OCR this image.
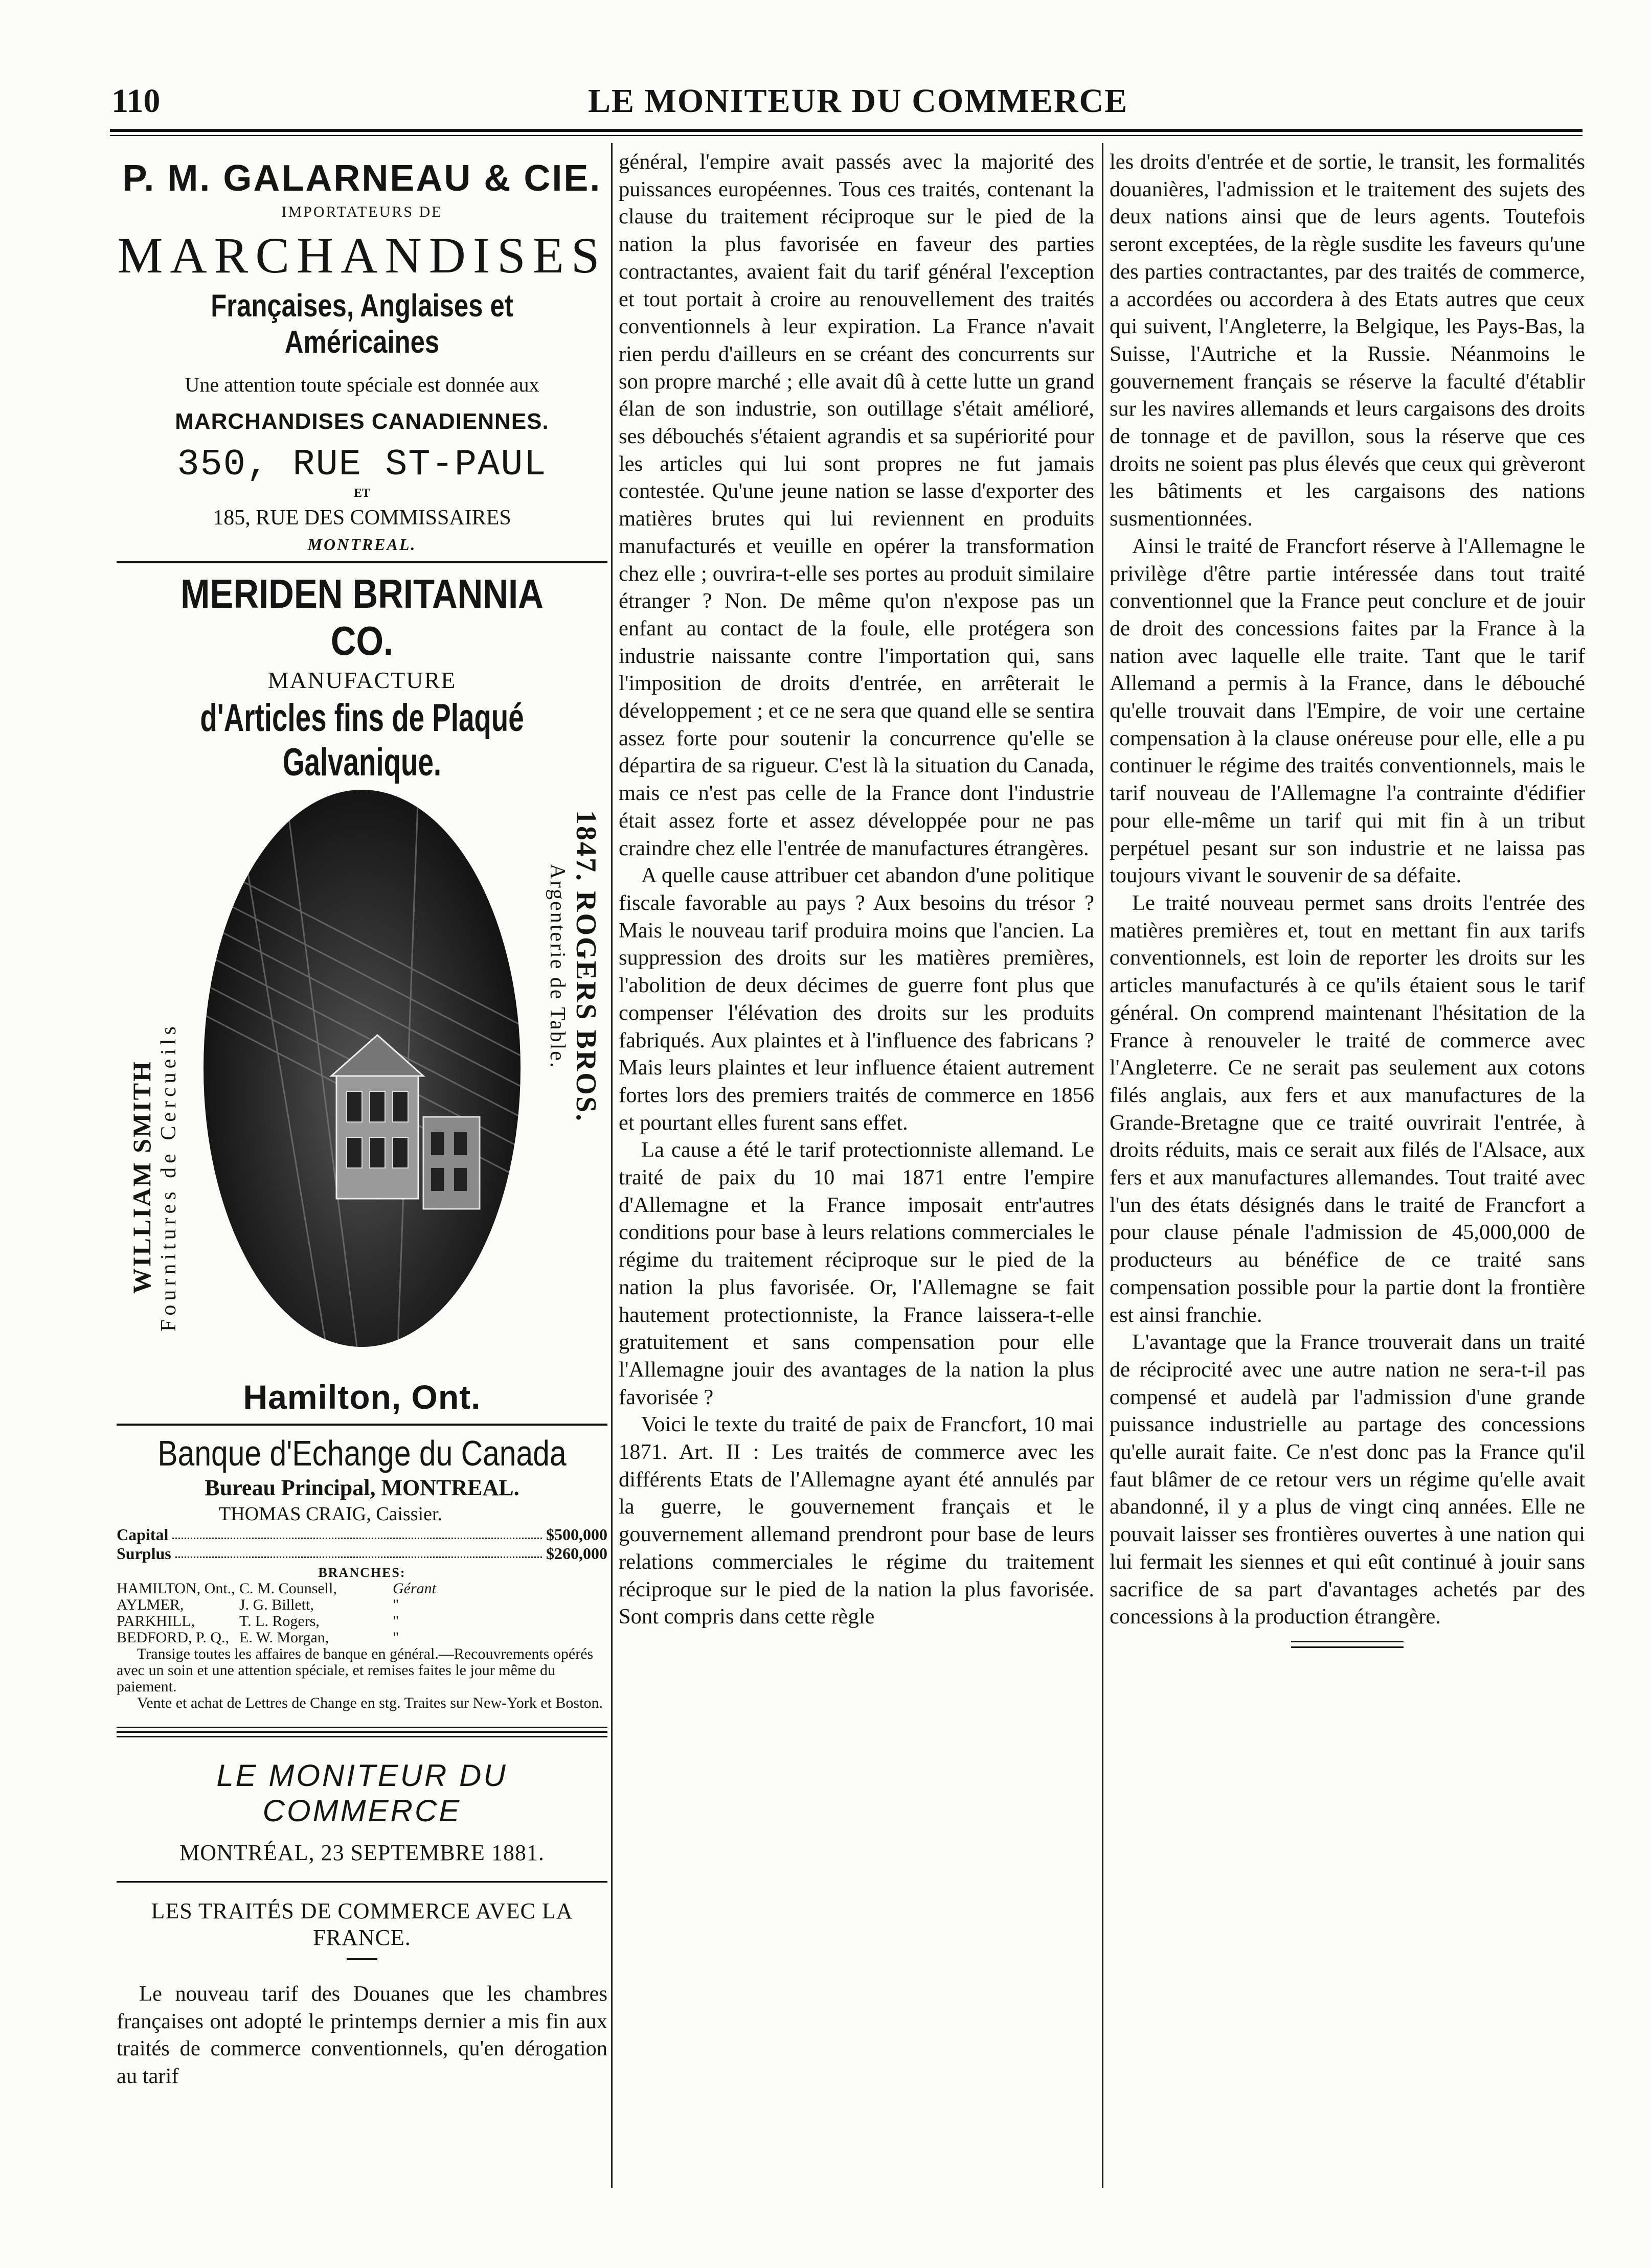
110	LE MONITEUR DU COMMERCE
P. M. GALARNEAU & CIE.
IMPORTATEURS DE
MARCHANDISES
Françaises, Anglaises et Américaines
Une attention toute spéciale est donnée aux
MARCHANDISES CANADIENNES.
350, RUE ST-PAUL
ET
185, RUE DES COMMISSAIRES
MONTREAL.
MERIDEN BRITANNIA CO.
MANUFACTURE
d'Articles fins de Plaqué Galvanique.
WILLIAM SMITH Fournitures de Cercueils
1847. ROGERS BROS.
Argenterie de Table.
Hamilton, Ont.
Banque d'Echange du Canada
Bureau Principal, MONTREAL.
THOMAS CRAIG, Caissier.
Capital	$500,000
Surplus	$260,000
BRANCHES:
HAMILTON, Ont., C. M. Counsell,	Gérant
AYLMER,	J. G. Billett,	"
PARKHILL,	T. L. Rogers,	"
BEDFORD, P. Q., E. W. Morgan,	"

Transige toutes les affaires de banque en général.—Recouvrements opérés avec un soin et une attention spéciale, et remises faites le jour même du paiement.

Vente et achat de Lettres de Change en stg. Traites sur New-York et Boston.

LE MONITEUR DU COMMERCE
MONTRÉAL, 23 SEPTEMBRE 1881.
LES TRAITÉS DE COMMERCE AVEC LA FRANCE.

Le nouveau tarif des Douanes que les chambres françaises ont adopté le printemps dernier a mis fin aux traités de commerce conventionnels, qu'en dérogation au tarif

général, l'empire avait passés avec la majorité des puissances européennes. Tous ces traités, contenant la clause du traitement réciproque sur le pied de la nation la plus favorisée en faveur des parties contractantes, avaient fait du tarif général l'exception et tout portait à croire au renouvellement des traités conventionnels à leur expiration. La France n'avait rien perdu d'ailleurs en se créant des concurrents sur son propre marché ; elle avait dû à cette lutte un grand élan de son industrie, son outillage s'était amélioré, ses débouchés s'étaient agrandis et sa supériorité pour les articles qui lui sont propres ne fut jamais contestée. Qu'une jeune nation se lasse d'exporter des matières brutes qui lui reviennent en produits manufacturés et veuille en opérer la transformation chez elle ; ouvrira-t-elle ses portes au produit similaire étranger ? Non. De même qu'on n'expose pas un enfant au contact de la foule, elle protégera son industrie naissante contre l'importation qui, sans l'imposition de droits d'entrée, en arrêterait le développement ; et ce ne sera que quand elle se sentira assez forte pour soutenir la concurrence qu'elle se départira de sa rigueur. C'est là la situation du Canada, mais ce n'est pas celle de la France dont l'industrie était assez forte et assez développée pour ne pas craindre chez elle l'entrée de manufactures étrangères.

A quelle cause attribuer cet abandon d'une politique fiscale favorable au pays ? Aux besoins du trésor ? Mais le nouveau tarif produira moins que l'ancien. La suppression des droits sur les matières premières, l'abolition de deux décimes de guerre font plus que compenser l'élévation des droits sur les produits fabriqués. Aux plaintes et à l'influence des fabricans ? Mais leurs plaintes et leur influence étaient autrement fortes lors des premiers traités de commerce en 1856 et pourtant elles furent sans effet.

La cause a été le tarif protectionniste allemand. Le traité de paix du 10 mai 1871 entre l'empire d'Allemagne et la France imposait entr'autres conditions pour base à leurs relations commerciales le régime du traitement réciproque sur le pied de la nation la plus favorisée. Or, l'Allemagne se fait hautement protectionniste, la France laissera-t-elle gratuitement et sans compensation pour elle l'Allemagne jouir des avantages de la nation la plus favorisée ?

Voici le texte du traité de paix de Francfort, 10 mai 1871. Art. II : Les traités de commerce avec les différents Etats de l'Allemagne ayant été annulés par la guerre, le gouvernement français et le gouvernement allemand prendront pour base de leurs relations commerciales le régime du traitement réciproque sur le pied de la nation la plus favorisée. Sont compris dans cette règle

les droits d'entrée et de sortie, le transit, les formalités douanières, l'admission et le traitement des sujets des deux nations ainsi que de leurs agents. Toutefois seront exceptées, de la règle susdite les faveurs qu'une des parties contractantes, par des traités de commerce, a accordées ou accordera à des Etats autres que ceux qui suivent, l'Angleterre, la Belgique, les Pays-Bas, la Suisse, l'Autriche et la Russie. Néanmoins le gouvernement français se réserve la faculté d'établir sur les navires allemands et leurs cargaisons des droits de tonnage et de pavillon, sous la réserve que ces droits ne soient pas plus élevés que ceux qui grèveront les bâtiments et les cargaisons des nations susmentionnées.

Ainsi le traité de Francfort réserve à l'Allemagne le privilège d'être partie intéressée dans tout traité conventionnel que la France peut conclure et de jouir de droit des concessions faites par la France à la nation avec laquelle elle traite. Tant que le tarif Allemand a permis à la France, dans le débouché qu'elle trouvait dans l'Empire, de voir une certaine compensation à la clause onéreuse pour elle, elle a pu continuer le régime des traités conventionnels, mais le tarif nouveau de l'Allemagne l'a contrainte d'édifier pour elle-même un tarif qui mit fin à un tribut perpétuel pesant sur son industrie et ne laissa pas toujours vivant le souvenir de sa défaite.

Le traité nouveau permet sans droits l'entrée des matières premières et, tout en mettant fin aux tarifs conventionnels, est loin de reporter les droits sur les articles manufacturés à ce qu'ils étaient sous le tarif général. On comprend maintenant l'hésitation de la France à renouveler le traité de commerce avec l'Angleterre. Ce ne serait pas seulement aux cotons filés anglais, aux fers et aux manufactures de la Grande-Bretagne que ce traité ouvrirait l'entrée, à droits réduits, mais ce serait aux filés de l'Alsace, aux fers et aux manufactures allemandes. Tout traité avec l'un des états désignés dans le traité de Francfort a pour clause pénale l'admission de 45,000,000 de producteurs au bénéfice de ce traité sans compensation possible pour la partie dont la frontière est ainsi franchie.

L'avantage que la France trouverait dans un traité de réciprocité avec une autre nation ne sera-t-il pas compensé et audelà par l'admission d'une grande puissance industrielle au partage des concessions qu'elle aurait faite. Ce n'est donc pas la France qu'il faut blâmer de ce retour vers un régime qu'elle avait abandonné, il y a plus de vingt cinq années. Elle ne pouvait laisser ses frontières ouvertes à une nation qui lui fermait les siennes et qui eût continué à jouir sans sacrifice de sa part d'avantages achetés par des concessions à la production étrangère.
